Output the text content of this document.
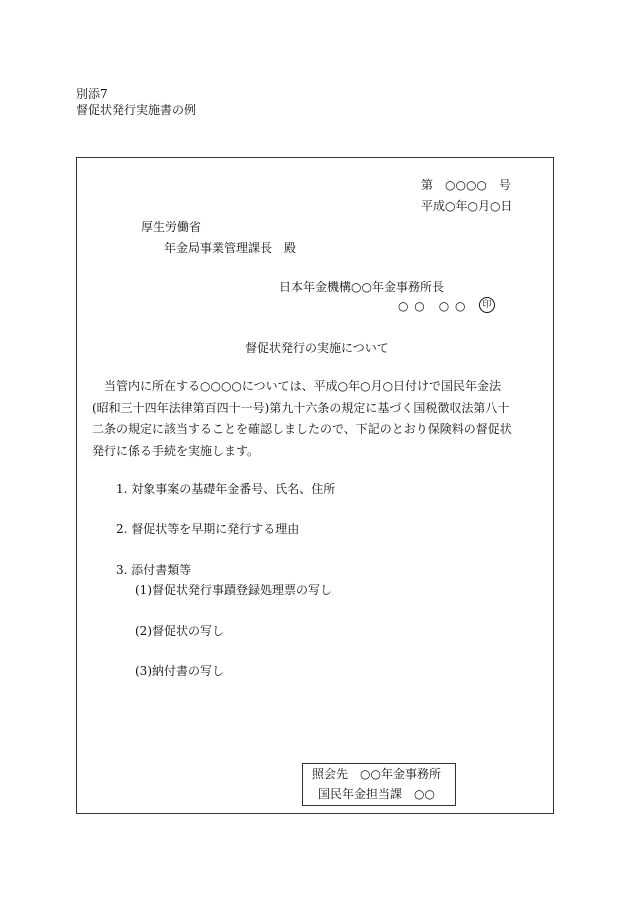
別添7
督促状発行実施書の例
第　○○○○　号
平成○年○月○日
厚生労働省
年金局事業管理課長　殿
日本年金機構○○年金事務所長
○ ○　○ ○	印
督促状発行の実施について
　当管内に所在する○○○○については、平成○年○月○日付けで国民年金法
(昭和三十四年法律第百四十一号)第九十六条の規定に基づく国税徴収法第八十
二条の規定に該当することを確認しましたので、下記のとおり保険料の督促状
発行に係る手続を実施します。
1. 対象事案の基礎年金番号、氏名、住所
2. 督促状等を早期に発行する理由
3. 添付書類等
(1)督促状発行事蹟登録処理票の写し
(2)督促状の写し
(3)納付書の写し
照会先　○○年金事務所
国民年金担当課　○○
